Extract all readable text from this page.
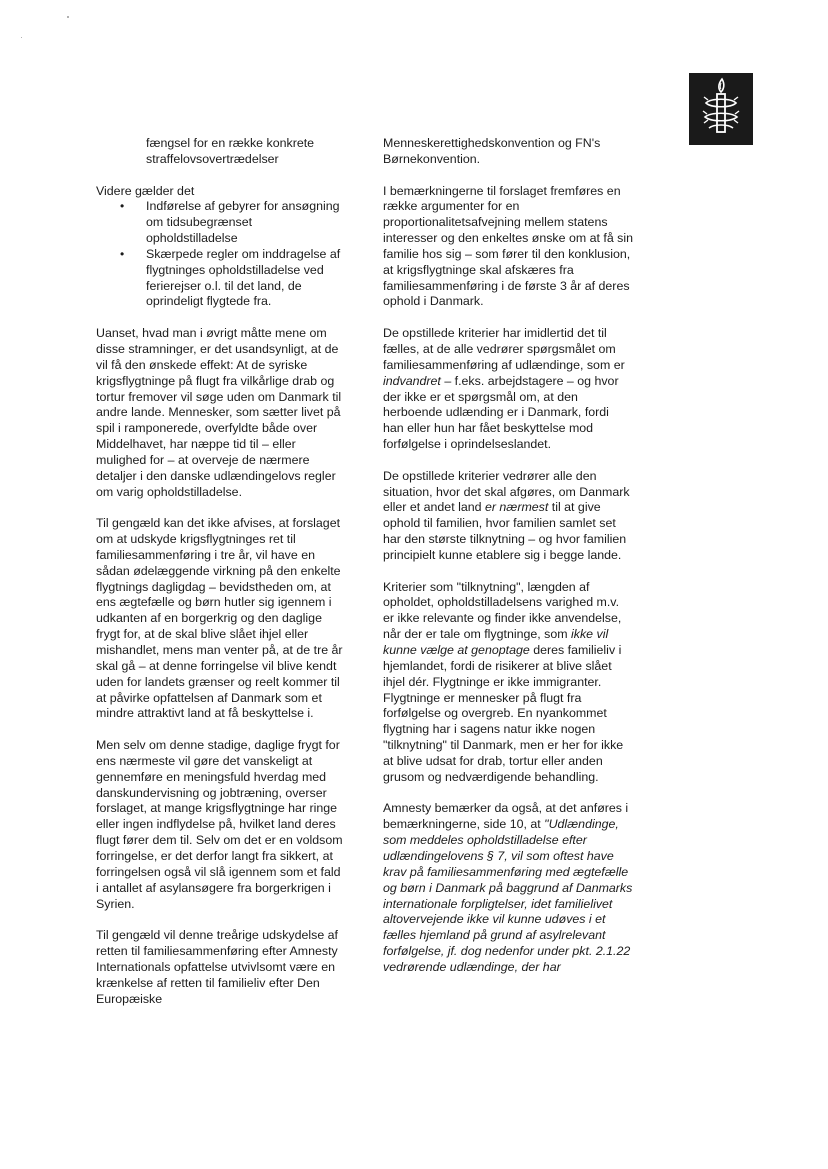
fængsel for en række konkrete straffelovsovertrædelser

Videre gælder det
• Indførelse af gebyrer for ansøgning om tidsubegrænset opholdstilladelse
• Skærpede regler om inddragelse af flygtninges opholdstilladelse ved ferierejser o.l. til det land, de oprindeligt flygtede fra.

Uanset, hvad man i øvrigt måtte mene om disse stramninger, er det usandsynligt, at de vil få den ønskede effekt: At de syriske krigsflygtninge på flugt fra vilkårlige drab og tortur fremover vil søge uden om Danmark til andre lande. Mennesker, som sætter livet på spil i ramponerede, overfyldte både over Middelhavet, har næppe tid til – eller mulighed for – at overveje de nærmere detaljer i den danske udlændingelovs regler om varig opholdstilladelse.

Til gengæld kan det ikke afvises, at forslaget om at udskyde krigsflygtninges ret til familiesammenføring i tre år, vil have en sådan ødelæggende virkning på den enkelte flygtnings dagligdag – bevidstheden om, at ens ægtefælle og børn hutler sig igennem i udkanten af en borgerkrig og den daglige frygt for, at de skal blive slået ihjel eller mishandlet, mens man venter på, at de tre år skal gå – at denne forringelse vil blive kendt uden for landets grænser og reelt kommer til at påvirke opfattelsen af Danmark som et mindre attraktivt land at få beskyttelse i.

Men selv om denne stadige, daglige frygt for ens nærmeste vil gøre det vanskeligt at gennemføre en meningsfuld hverdag med danskundervisning og jobtræning, overser forslaget, at mange krigsflygtninge har ringe eller ingen indflydelse på, hvilket land deres flugt fører dem til. Selv om det er en voldsom forringelse, er det derfor langt fra sikkert, at forringelsen også vil slå igennem som et fald i antallet af asylansøgere fra borgerkrigen i Syrien.

Til gengæld vil denne treårige udskydelse af retten til familiesammenføring efter Amnesty Internationals opfattelse utvivlsomt være en krænkelse af retten til familieliv efter Den Europæiske

Menneskerettighedskonvention og FN's Børnekonvention.

I bemærkningerne til forslaget fremføres en række argumenter for en proportionalitetsafvejning mellem statens interesser og den enkeltes ønske om at få sin familie hos sig – som fører til den konklusion, at krigsflygtninge skal afskæres fra familiesammenføring i de første 3 år af deres ophold i Danmark.

De opstillede kriterier har imidlertid det til fælles, at de alle vedrører spørgsmålet om familiesammenføring af udlændinge, som er indvandret – f.eks. arbejdstagere – og hvor der ikke er et spørgsmål om, at den herboende udlænding er i Danmark, fordi han eller hun har fået beskyttelse mod forfølgelse i oprindelseslandet.

De opstillede kriterier vedrører alle den situation, hvor det skal afgøres, om Danmark eller et andet land er nærmest til at give ophold til familien, hvor familien samlet set har den største tilknytning – og hvor familien principielt kunne etablere sig i begge lande.

Kriterier som "tilknytning", længden af opholdet, opholdstilladelsens varighed m.v. er ikke relevante og finder ikke anvendelse, når der er tale om flygtninge, som ikke vil kunne vælge at genoptage deres familieliv i hjemlandet, fordi de risikerer at blive slået ihjel dér. Flygtninge er ikke immigranter. Flygtninge er mennesker på flugt fra forfølgelse og overgreb. En nyankommet flygtning har i sagens natur ikke nogen "tilknytning" til Danmark, men er her for ikke at blive udsat for drab, tortur eller anden grusom og nedværdigende behandling.

Amnesty bemærker da også, at det anføres i bemærkningerne, side 10, at "Udlændinge, som meddeles opholdstilladelse efter udlændingelovens § 7, vil som oftest have krav på familiesammenføring med ægtefælle og børn i Danmark på baggrund af Danmarks internationale forpligtelser, idet familielivet altovervejende ikke vil kunne udøves i et fælles hjemland på grund af asylrelevant forfølgelse, jf. dog nedenfor under pkt. 2.1.22 vedrørende udlændinge, der har
